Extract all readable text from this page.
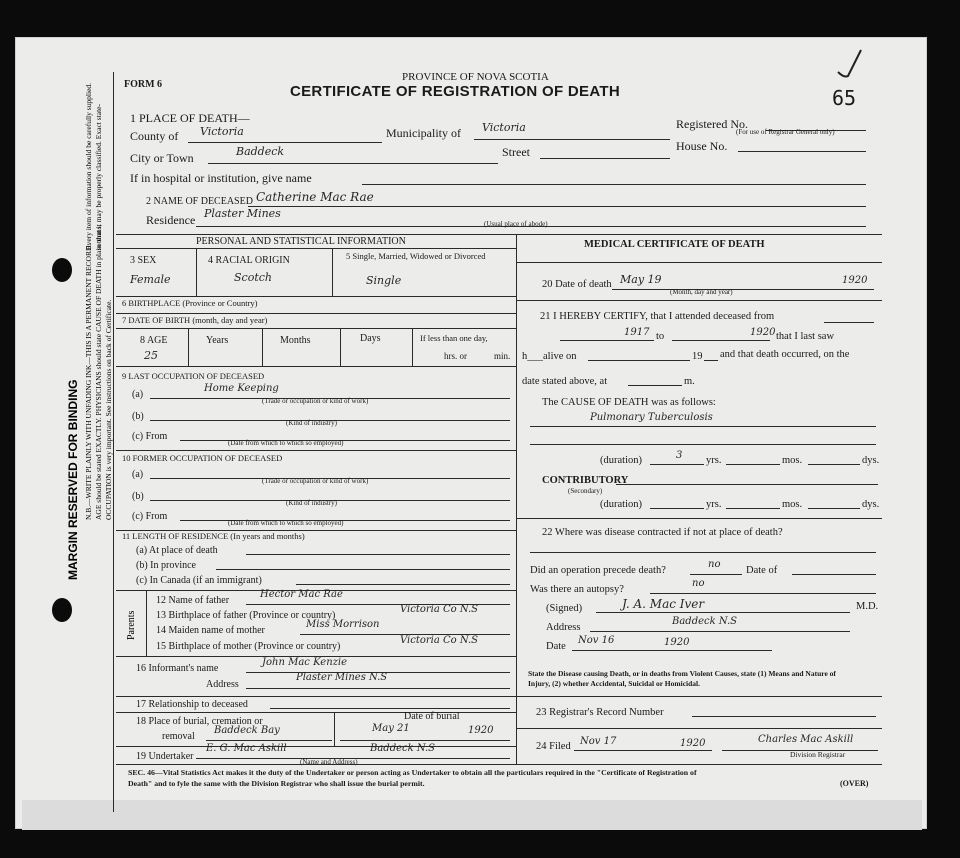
MARGIN RESERVED FOR BINDING N.B.—WRITE PLAINLY WITH UNFADING INK—THIS IS A PERMANENT RECORD. AGE should be stated EXACTLY. PHYSICIANS should state CAUSE OF DEATH in plain terms, OCCUPATION is very important. See instructions on back of Certificate.
Every item of information should be carefully supplied. so that it may be properly classified. Exact state-
FORM 6
PROVINCE OF NOVA SCOTIA
CERTIFICATE OF REGISTRATION OF DEATH	65
1 PLACE OF DEATH—
County of Victoria	Municipality of Victoria	Registered No.
(For use of Registrar General only)
City or Town	Baddeck	Street	House No.
If in hospital or institution, give name
2 NAME OF DECEASED Catherine Mac Rae
Residence Plaster Mines
(Usual place of abode)
PERSONAL AND STATISTICAL INFORMATION
3 SEX
Female
4 RACIAL ORIGIN
Scotch
5 Single, Married, Widowed or Divorced
Single
6 BIRTHPLACE (Province or Country)
7 DATE OF BIRTH (month, day and year)
8 AGE
25
Years	Months	Days	If less than one day,
hrs. or	min.
9 LAST OCCUPATION OF DECEASED
(a)
Home Keeping
(Trade or occupation or kind of work)
(b)
(Kind of industry)
(c) From
(Date from which to which so employed)
10 FORMER OCCUPATION OF DECEASED
(a)
(Trade or occupation or kind of work)
(b)
(Kind of industry)
(c) From
(Date from which to which so employed)
11 LENGTH OF RESIDENCE (In years and months)
(a) At place of death
(b) In province
(c) In Canada (if an immigrant)
Parents
12 Name of father
Hector Mac Rae
13 Birthplace of father (Province or country)
Victoria Co N.S
14 Maiden name of mother
Miss Morrison
15 Birthplace of mother (Province or country)
Victoria Co N.S
16 Informant's name
John Mac Kenzie
Address
Plaster Mines N.S
17 Relationship to deceased
18 Place of burial, cremation or
removal
Baddeck Bay
Date of burial
May 21	1920
19 Undertaker
E. G. Mac Askill	Baddeck N.S
(Name and Address)
MEDICAL CERTIFICATE OF DEATH
20 Date of death May 19	1920
(Month, day and year)
21 I HEREBY CERTIFY, that I attended deceased from
1917 to	1920 that I last saw
h___alive on	19 and that death occurred, on the
date stated above, at	m.
The CAUSE OF DEATH was as follows:
Pulmonary Tuberculosis
(duration)	3 yrs.	mos.	dys.
CONTRIBUTORY
(Secondary)
(duration)	yrs.	mos.	dys.
22 Where was disease contracted if not at place of death?
Did an operation precede death?
no
Date of
Was there an autopsy?
no
(Signed)	J. A. Mac Iver	M.D.
Address
Baddeck N.S
Date
Nov 16	1920
State the Disease causing Death, or in deaths from Violent Causes, state (1) Means and Nature of
Injury, (2) whether Accidental, Suicidal or Homicidal.
23 Registrar's Record Number
24 Filed Nov 17	1920	Charles Mac Askill
Division Registrar
SEC. 46—Vital Statistics Act makes it the duty of the Undertaker or person acting as Undertaker to obtain all the particulars required in the "Certificate of Registration of
Death" and to fyle the same with the Division Registrar who shall issue the burial permit.	(OVER)
